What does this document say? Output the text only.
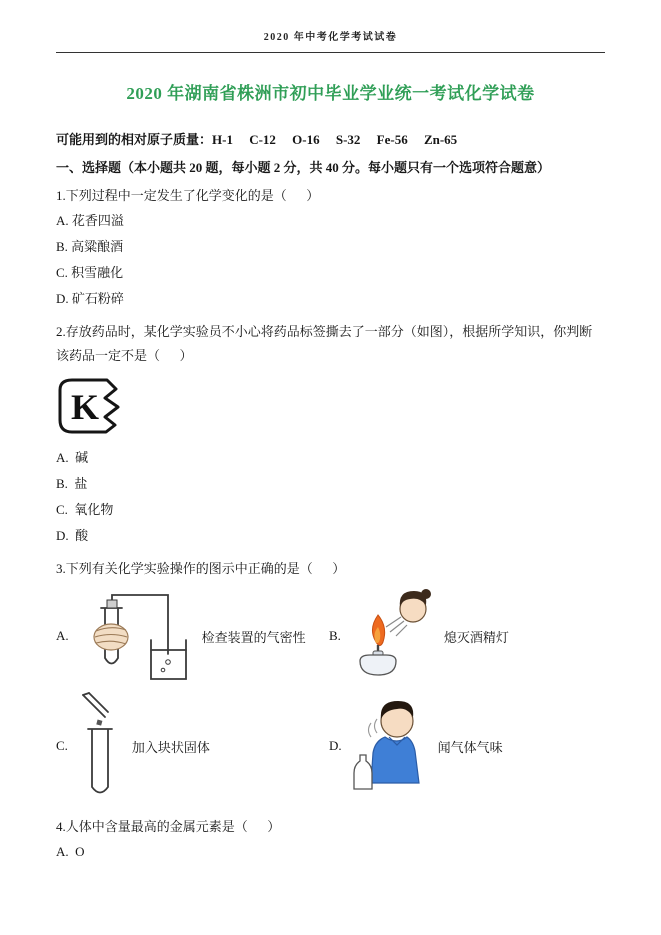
2020 年中考化学考试试卷
2020 年湖南省株洲市初中毕业学业统一考试化学试卷

可能用到的相对原子质量：H-1     C-12     O-16     S-32     Fe-56     Zn-65

一、选择题（本小题共 20 题，每小题 2 分，共 40 分。每小题只有一个选项符合题意）

1.下列过程中一定发生了化学变化的是（      ）

A. 花香四溢

B. 高粱酿酒

C. 积雪融化

D. 矿石粉碎

2.存放药品时，某化学实验员不小心将药品标签撕去了一部分（如图），根据所学知识，你判断该药品一定不是（      ）

K

A.  碱

B.  盐

C.  氧化物

D.  酸

3.下列有关化学实验操作的图示中正确的是（      ）

A.	检查装置的气密性 B.	熄灭酒精灯
C.	加入块状固体	D.	闻气体气味

4.人体中含量最高的金属元素是（      ）

A.  O
